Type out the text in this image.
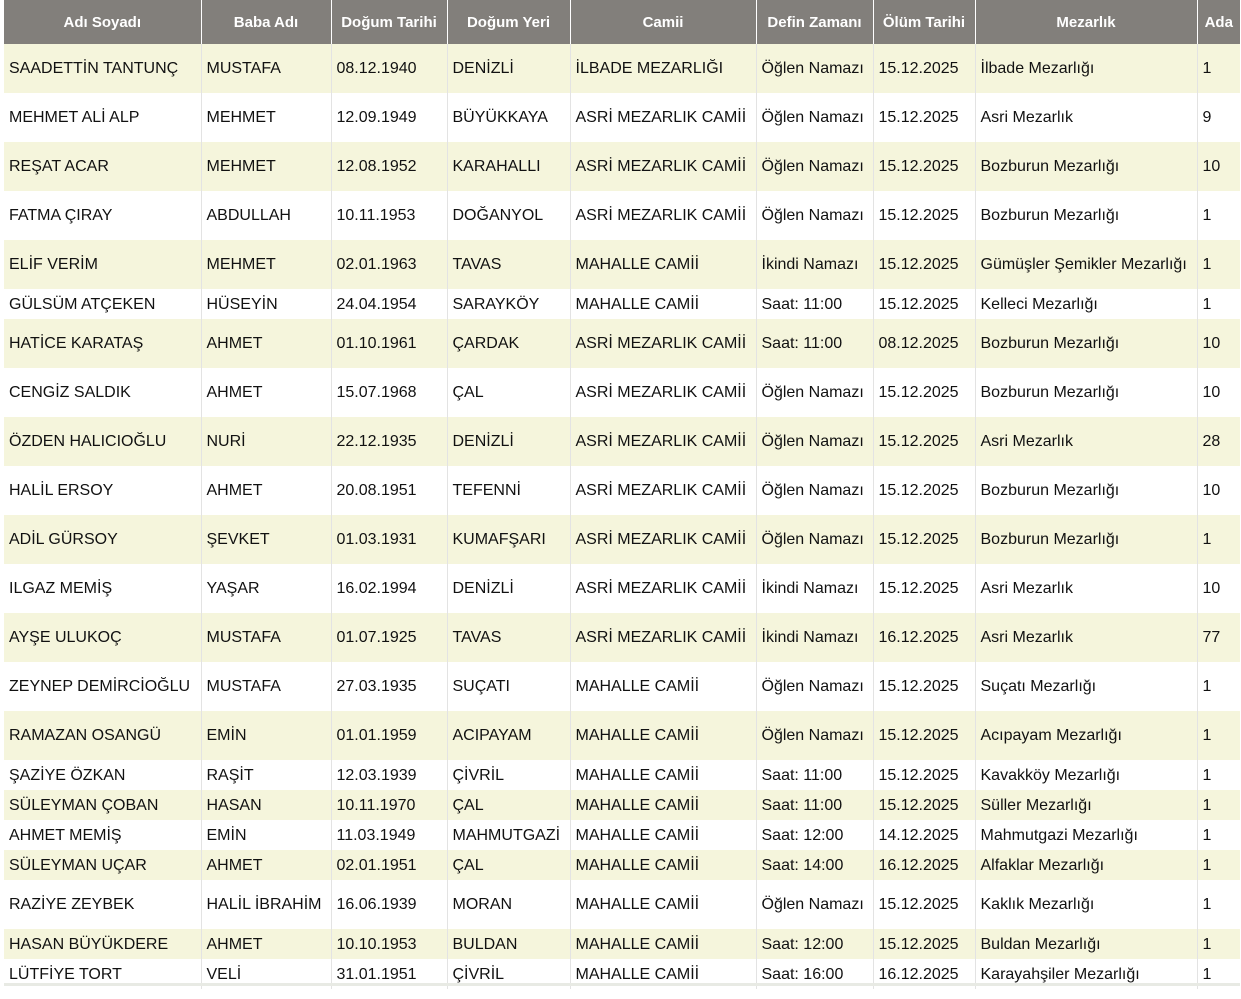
Adı Soyadı	Baba Adı	Doğum Tarihi	Doğum Yeri	Camii	Defin Zamanı	Ölüm Tarihi	Mezarlık	Ada
SAADETTİN TANTUNÇ	MUSTAFA	08.12.1940	DENİZLİ	İLBADE MEZARLIĞI	Öğlen Namazı	15.12.2025	İlbade Mezarlığı	1
MEHMET ALİ ALP	MEHMET	12.09.1949	BÜYÜKKAYA	ASRİ MEZARLIK CAMİİ	Öğlen Namazı	15.12.2025	Asri Mezarlık	9
REŞAT ACAR	MEHMET	12.08.1952	KARAHALLI	ASRİ MEZARLIK CAMİİ	Öğlen Namazı	15.12.2025	Bozburun Mezarlığı	10
FATMA ÇIRAY	ABDULLAH	10.11.1953	DOĞANYOL	ASRİ MEZARLIK CAMİİ	Öğlen Namazı	15.12.2025	Bozburun Mezarlığı	1
ELİF VERİM	MEHMET	02.01.1963	TAVAS	MAHALLE CAMİİ	İkindi Namazı	15.12.2025	Gümüşler Şemikler Mezarlığı	1
GÜLSÜM ATÇEKEN	HÜSEYİN	24.04.1954	SARAYKÖY	MAHALLE CAMİİ	Saat: 11:00	15.12.2025	Kelleci Mezarlığı	1
HATİCE KARATAŞ	AHMET	01.10.1961	ÇARDAK	ASRİ MEZARLIK CAMİİ	Saat: 11:00	08.12.2025	Bozburun Mezarlığı	10
CENGİZ SALDIK	AHMET	15.07.1968	ÇAL	ASRİ MEZARLIK CAMİİ	Öğlen Namazı	15.12.2025	Bozburun Mezarlığı	10
ÖZDEN HALICIOĞLU	NURİ	22.12.1935	DENİZLİ	ASRİ MEZARLIK CAMİİ	Öğlen Namazı	15.12.2025	Asri Mezarlık	28
HALİL ERSOY	AHMET	20.08.1951	TEFENNİ	ASRİ MEZARLIK CAMİİ	Öğlen Namazı	15.12.2025	Bozburun Mezarlığı	10
ADİL GÜRSOY	ŞEVKET	01.03.1931	KUMAFŞARI	ASRİ MEZARLIK CAMİİ	Öğlen Namazı	15.12.2025	Bozburun Mezarlığı	1
ILGAZ MEMİŞ	YAŞAR	16.02.1994	DENİZLİ	ASRİ MEZARLIK CAMİİ	İkindi Namazı	15.12.2025	Asri Mezarlık	10
AYŞE ULUKOÇ	MUSTAFA	01.07.1925	TAVAS	ASRİ MEZARLIK CAMİİ	İkindi Namazı	16.12.2025	Asri Mezarlık	77
ZEYNEP DEMİRCİOĞLU	MUSTAFA	27.03.1935	SUÇATI	MAHALLE CAMİİ	Öğlen Namazı	15.12.2025	Suçatı Mezarlığı	1
RAMAZAN OSANGÜ	EMİN	01.01.1959	ACIPAYAM	MAHALLE CAMİİ	Öğlen Namazı	15.12.2025	Acıpayam Mezarlığı	1
ŞAZİYE ÖZKAN	RAŞİT	12.03.1939	ÇİVRİL	MAHALLE CAMİİ	Saat: 11:00	15.12.2025	Kavakköy Mezarlığı	1
SÜLEYMAN ÇOBAN	HASAN	10.11.1970	ÇAL	MAHALLE CAMİİ	Saat: 11:00	15.12.2025	Süller Mezarlığı	1
AHMET MEMİŞ	EMİN	11.03.1949	MAHMUTGAZİ	MAHALLE CAMİİ	Saat: 12:00	14.12.2025	Mahmutgazi Mezarlığı	1
SÜLEYMAN UÇAR	AHMET	02.01.1951	ÇAL	MAHALLE CAMİİ	Saat: 14:00	16.12.2025	Alfaklar Mezarlığı	1
RAZİYE ZEYBEK	HALİL İBRAHİM	16.06.1939	MORAN	MAHALLE CAMİİ	Öğlen Namazı	15.12.2025	Kaklık Mezarlığı	1
HASAN BÜYÜKDERE	AHMET	10.10.1953	BULDAN	MAHALLE CAMİİ	Saat: 12:00	15.12.2025	Buldan Mezarlığı	1
LÜTFİYE TORT	VELİ	31.01.1951	ÇİVRİL	MAHALLE CAMİİ	Saat: 16:00	16.12.2025	Karayahşiler Mezarlığı	1
